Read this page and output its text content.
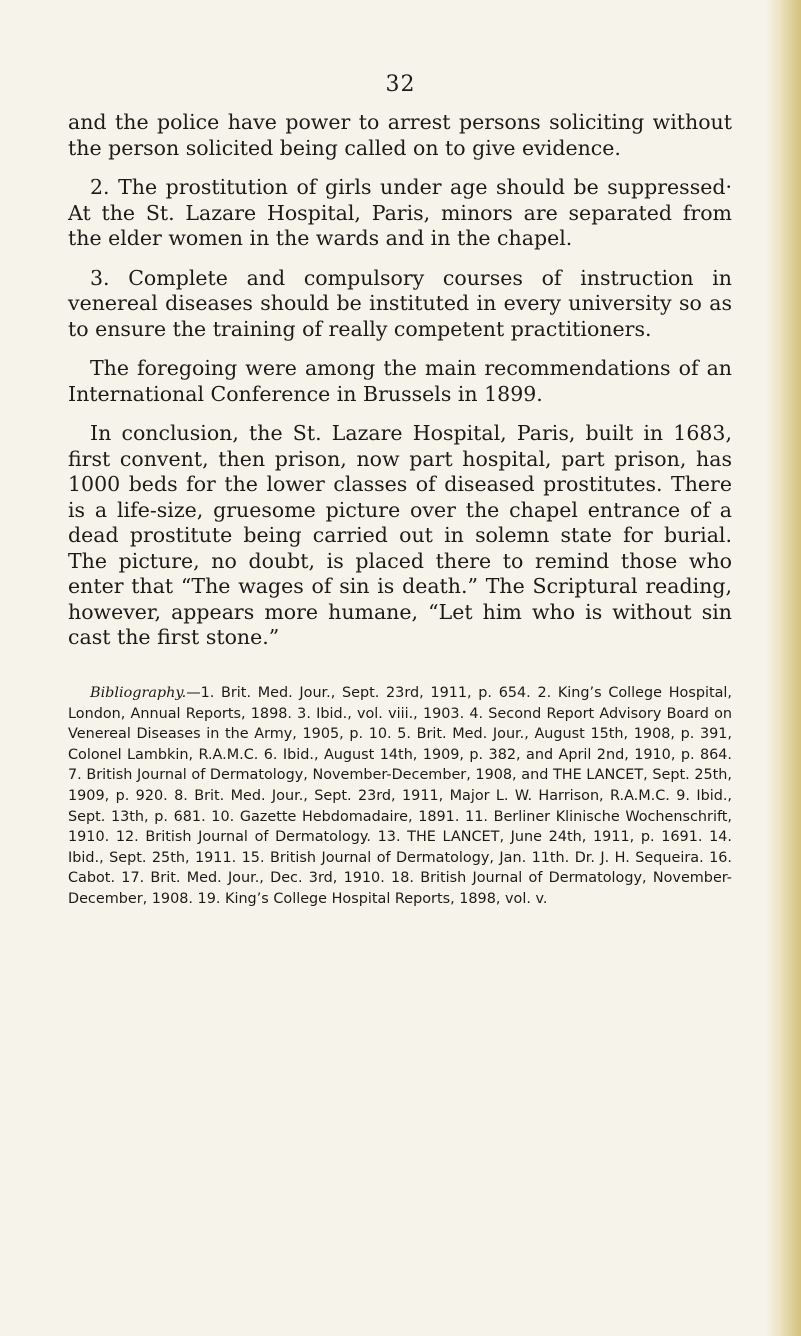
32

and the police have power to arrest persons soliciting without the person solicited being called on to give evidence.

2. The prostitution of girls under age should be suppressed· At the St. Lazare Hospital, Paris, minors are separated from the elder women in the wards and in the chapel.

3. Complete and compulsory courses of instruction in venereal diseases should be instituted in every university so as to ensure the training of really competent practitioners.

The foregoing were among the main recommendations of an International Conference in Brussels in 1899.

In conclusion, the St. Lazare Hospital, Paris, built in 1683, first convent, then prison, now part hospital, part prison, has 1000 beds for the lower classes of diseased prostitutes. There is a life-size, gruesome picture over the chapel entrance of a dead prostitute being carried out in solemn state for burial. The picture, no doubt, is placed there to remind those who enter that “The wages of sin is death.” The Scriptural reading, however, appears more humane, “Let him who is without sin cast the first stone.”

Bibliography.—1. Brit. Med. Jour., Sept. 23rd, 1911, p. 654. 2. King’s College Hospital, London, Annual Reports, 1898. 3. Ibid., vol. viii., 1903. 4. Second Report Advisory Board on Venereal Diseases in the Army, 1905, p. 10. 5. Brit. Med. Jour., August 15th, 1908, p. 391, Colonel Lambkin, R.A.M.C. 6. Ibid., August 14th, 1909, p. 382, and April 2nd, 1910, p. 864. 7. British Journal of Dermatology, November-December, 1908, and THE LANCET, Sept. 25th, 1909, p. 920. 8. Brit. Med. Jour., Sept. 23rd, 1911, Major L. W. Harrison, R.A.M.C. 9. Ibid., Sept. 13th, p. 681. 10. Gazette Hebdomadaire, 1891. 11. Berliner Klinische Wochenschrift, 1910. 12. British Journal of Dermatology. 13. THE LANCET, June 24th, 1911, p. 1691. 14. Ibid., Sept. 25th, 1911. 15. British Journal of Dermatology, Jan. 11th. Dr. J. H. Sequeira. 16. Cabot. 17. Brit. Med. Jour., Dec. 3rd, 1910. 18. British Journal of Dermatology, November-December, 1908. 19. King’s College Hospital Reports, 1898, vol. v.
